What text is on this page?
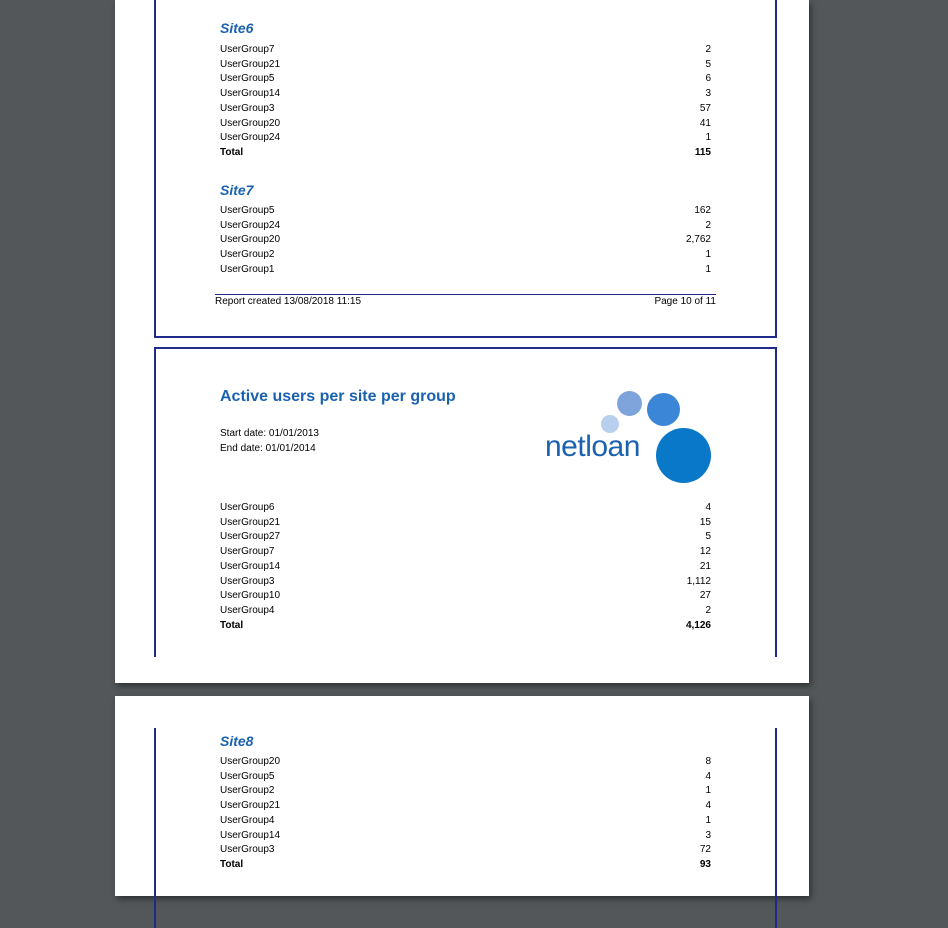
Site6
UserGroup7	2
UserGroup21	5
UserGroup5	6
UserGroup14	3
UserGroup3	57
UserGroup20	41
UserGroup24	1
Total	115
Site7
UserGroup5	162
UserGroup24	2
UserGroup20	2,762
UserGroup2	1
UserGroup1	1
Report created 13/08/2018 11:15	Page 10 of 11
Active users per site per group
Start date: 01/01/2013
End date: 01/01/2014	netloan
UserGroup6	4
UserGroup21	15
UserGroup27	5
UserGroup7	12
UserGroup14	21
UserGroup3	1,112
UserGroup10	27
UserGroup4	2
Total	4,126
Site8
UserGroup20	8
UserGroup5	4
UserGroup2	1
UserGroup21	4
UserGroup4	1
UserGroup14	3
UserGroup3	72
Total	93
